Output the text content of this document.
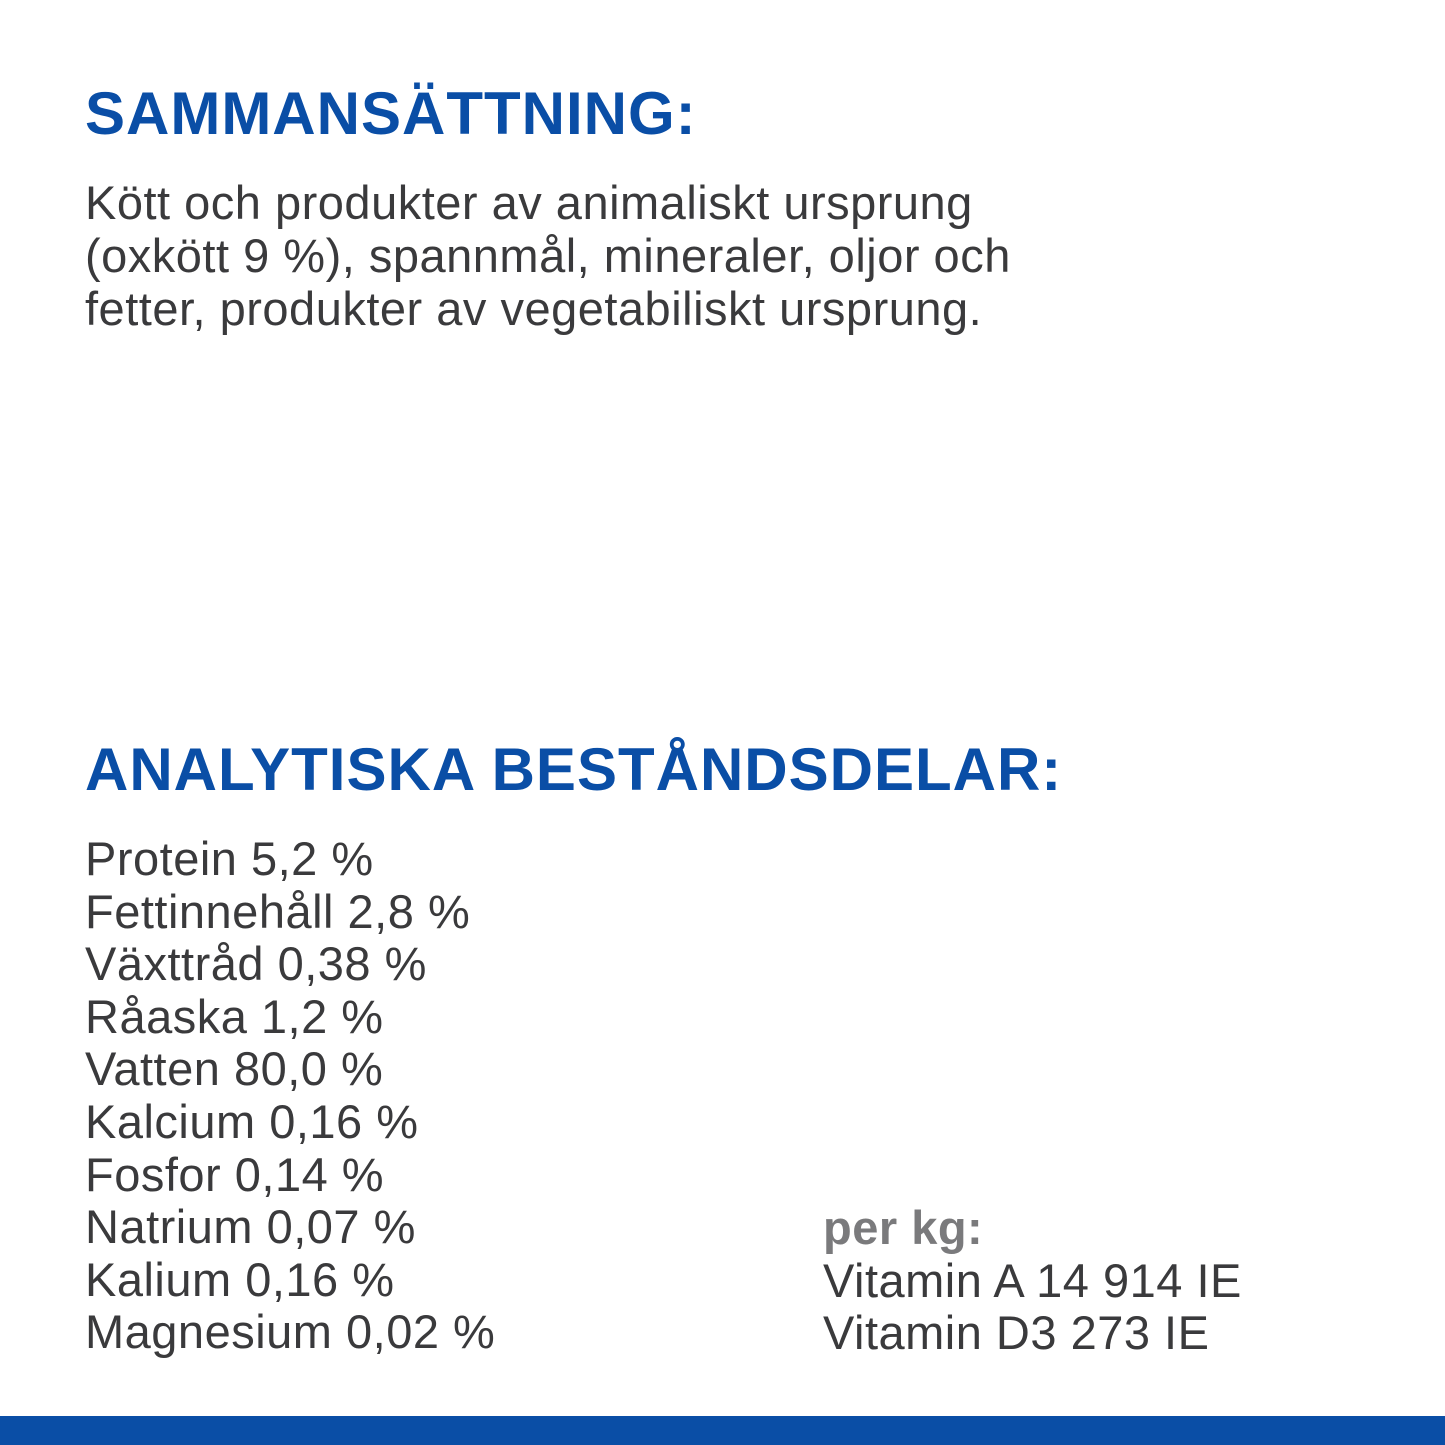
SAMMANSÄTTNING:

Kött och produkter av animaliskt ursprung
(oxkött 9 %), spannmål, mineraler, oljor och
fetter, produkter av vegetabiliskt ursprung.

ANALYTISKA BESTÅNDSDELAR:
Protein 5,2 %
Fettinnehåll 2,8 %
Växttråd 0,38 %
Råaska 1,2 %
Vatten 80,0 %
Kalcium 0,16 %
Fosfor 0,14 %
Natrium 0,07 %
Kalium 0,16 %
Magnesium 0,02 %
per kg:
Vitamin A 14 914 IE
Vitamin D3 273 IE
